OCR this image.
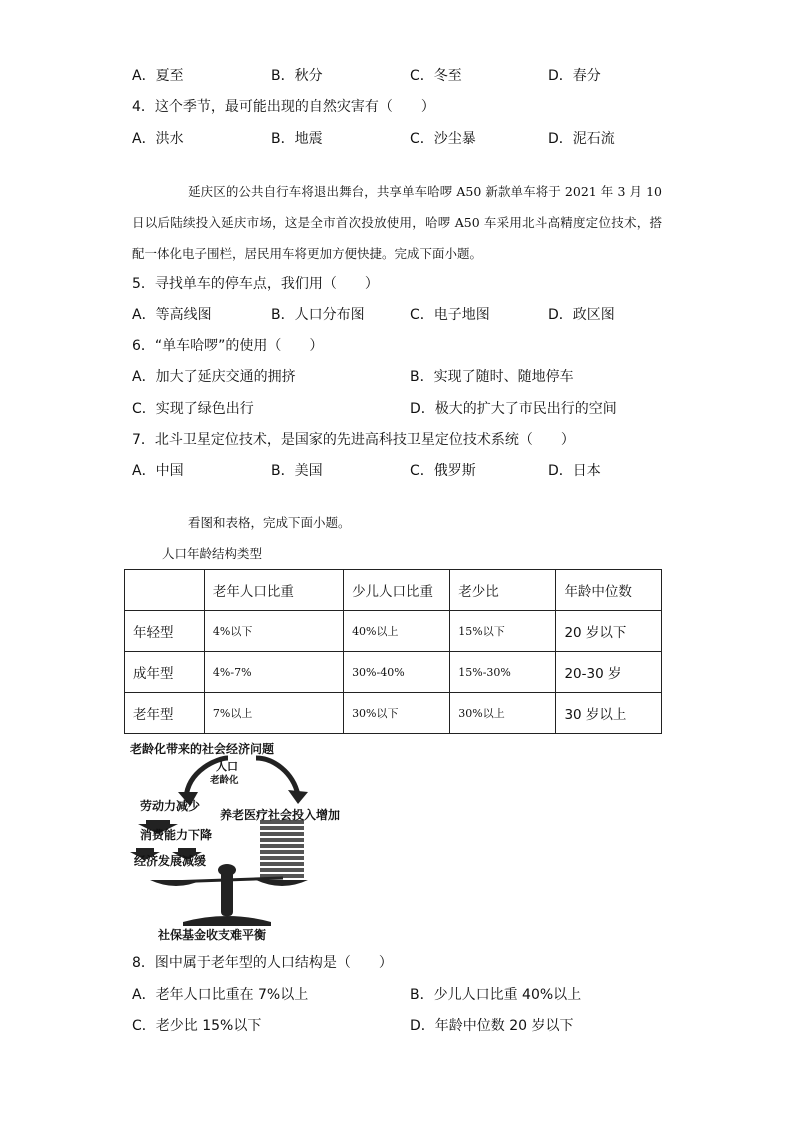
A．夏至	B．秋分	C．冬至	D．春分
4．这个季节，最可能出现的自然灾害有（　　）
A．洪水	B．地震	C．沙尘暴	D．泥石流
延庆区的公共自行车将退出舞台，共享单车哈啰 A50 新款单车将于 2021 年 3 月 10 日以后陆续投入延庆市场，这是全市首次投放使用，哈啰 A50 车采用北斗高精度定位技术，搭配一体化电子围栏，居民用车将更加方便快捷。完成下面小题。
5．寻找单车的停车点，我们用（　　）
A．等高线图	B．人口分布图	C．电子地图	D．政区图
6．“单车哈啰”的使用（　　）
A．加大了延庆交通的拥挤	B．实现了随时、随地停车
C．实现了绿色出行	D．极大的扩大了市民出行的空间
7．北斗卫星定位技术，是国家的先进高科技卫星定位技术系统（　　）
A．中国	B．美国	C．俄罗斯	D．日本
看图和表格，完成下面小题。
人口年龄结构类型
	老年人口比重	少儿人口比重	老少比	年龄中位数
年轻型	4%以下	40%以上	15%以下	20 岁以下
成年型	4%-7%	30%-40%	15%-30%	20-30 岁
老年型	7%以上	30%以下	30%以上	30 岁以上
老龄化带来的社会经济问题
人口
老龄化
劳动力减少
消费能力下降
经济发展减缓
养老医疗社会投入增加
社保基金收支难平衡
8．图中属于老年型的人口结构是（　　）
A．老年人口比重在 7%以上	B．少儿人口比重 40%以上
C．老少比 15%以下	D．年龄中位数 20 岁以下
